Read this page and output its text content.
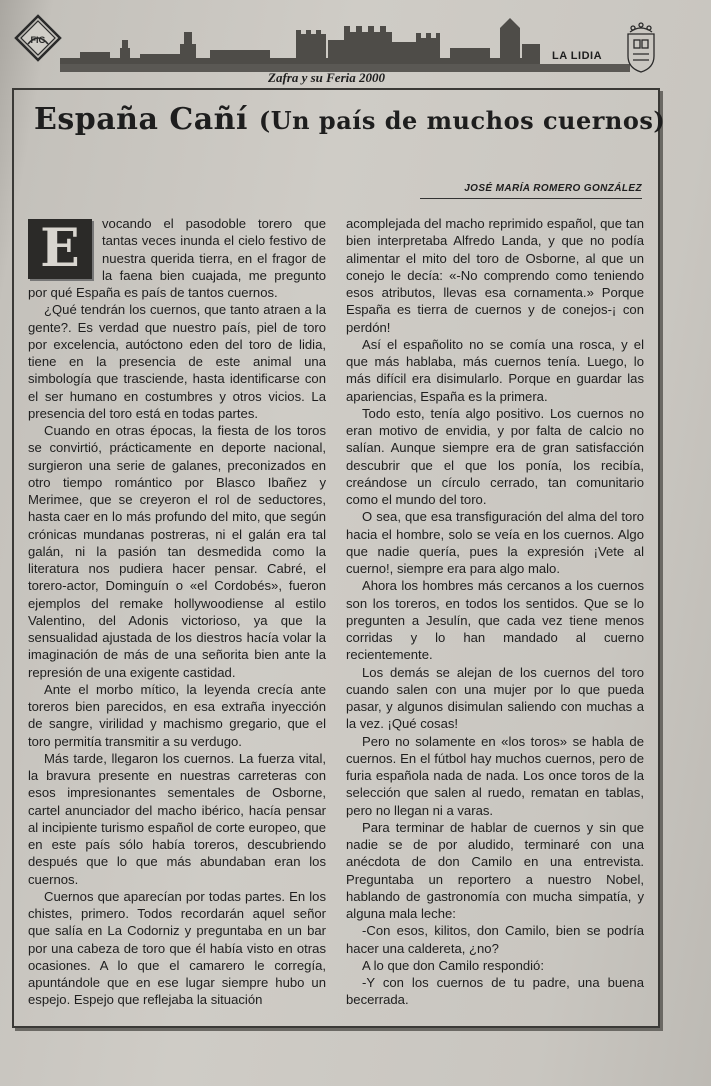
FIG
LA LIDIA
Zafra y su Feria 2000
España Cañí (Un país de muchos cuernos)
JOSÉ MARÍA ROMERO GONZÁLEZ
E	vocando el pasodoble torero que tantas veces inunda el cielo festivo de nuestra querida tierra, en el fragor de la faena bien cuajada, me pregunto por qué España es país de tantos cuernos.

¿Qué tendrán los cuernos, que tanto atraen a la gente?. Es verdad que nuestro país, piel de toro por excelencia, autóctono eden del toro de lidia, tiene en la presencia de este animal una simbología que trasciende, hasta identificarse con el ser humano en costumbres y otros vicios. La presencia del toro está en todas partes.

Cuando en otras épocas, la fiesta de los toros se convirtió, prácticamente en deporte nacional, surgieron una serie de galanes, preconizados en otro tiempo romántico por Blasco Ibañez y Merimee, que se creyeron el rol de seductores, hasta caer en lo más profundo del mito, que según crónicas mundanas postreras, ni el galán era tal galán, ni la pasión tan desmedida como la literatura nos pudiera hacer pensar. Cabré, el torero-actor, Dominguín o «el Cordobés», fueron ejemplos del remake hollywoodiense al estilo Valentino, del Adonis victorioso, ya que la sensualidad ajustada de los diestros hacía volar la imaginación de más de una señorita bien ante la represión de una exigente castidad.

Ante el morbo mítico, la leyenda crecía ante toreros bien parecidos, en esa extraña inyección de sangre, virilidad y machismo gregario, que el toro permitía transmitir a su verdugo.

Más tarde, llegaron los cuernos. La fuerza vital, la bravura presente en nuestras carreteras con esos impresionantes sementales de Osborne, cartel anunciador del macho ibérico, hacía pensar al incipiente turismo español de corte europeo, que en este país sólo había toreros, descubriendo después que lo que más abundaban eran los cuernos.

Cuernos que aparecían por todas partes. En los chistes, primero. Todos recordarán aquel señor que salía en La Codorniz y preguntaba en un bar por una cabeza de toro que él había visto en otras ocasiones. A lo que el camarero le corregía, apuntándole que en ese lugar siempre hubo un espejo. Espejo que reflejaba la situación

acomplejada del macho reprimido español, que tan bien interpretaba Alfredo Landa, y que no podía alimentar el mito del toro de Osborne, al que un conejo le decía: «-No comprendo como teniendo esos atributos, llevas esa cornamenta.» Porque España es tierra de cuernos y de conejos-¡ con perdón!

Así el españolito no se comía una rosca, y el que más hablaba, más cuernos tenía. Luego, lo más difícil era disimularlo. Porque en guardar las apariencias, España es la primera.

Todo esto, tenía algo positivo. Los cuernos no eran motivo de envidia, y por falta de calcio no salían. Aunque siempre era de gran satisfacción descubrir que el que los ponía, los recibía, creándose un círculo cerrado, tan comunitario como el mundo del toro.

O sea, que esa transfiguración del alma del toro hacia el hombre, solo se veía en los cuernos. Algo que nadie quería, pues la expresión ¡Vete al cuerno!, siempre era para algo malo.

Ahora los hombres más cercanos a los cuernos son los toreros, en todos los sentidos. Que se lo pregunten a Jesulín, que cada vez tiene menos corridas y lo han mandado al cuerno recientemente.

Los demás se alejan de los cuernos del toro cuando salen con una mujer por lo que pueda pasar, y algunos disimulan saliendo con muchas a la vez. ¡Qué cosas!

Pero no solamente en «los toros» se habla de cuernos. En el fútbol hay muchos cuernos, pero de furia española nada de nada. Los once toros de la selección que salen al ruedo, rematan en tablas, pero no llegan ni a varas.

Para terminar de hablar de cuernos y sin que nadie se de por aludido, terminaré con una anécdota de don Camilo en una entrevista. Preguntaba un reportero a nuestro Nobel, hablando de gastronomía con mucha simpatía, y alguna mala leche:

-Con esos, kilitos, don Camilo, bien se podría hacer una caldereta, ¿no?

A lo que don Camilo respondió:

-Y con los cuernos de tu padre, una buena becerrada.
